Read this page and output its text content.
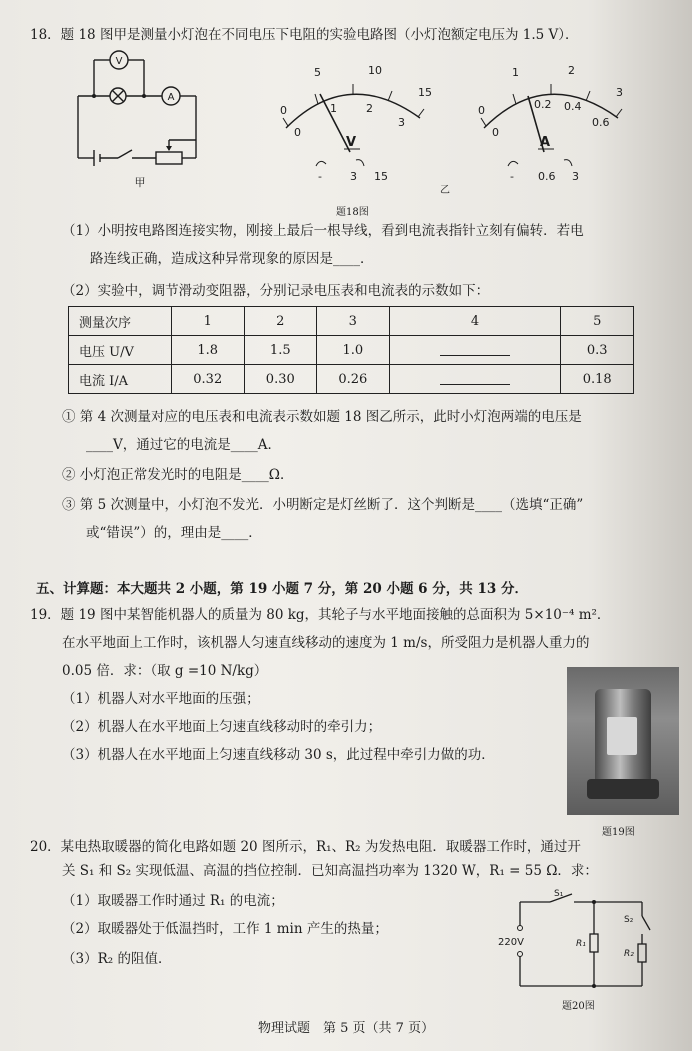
18．题 18 图甲是测量小灯泡在不同电压下电阻的实验电路图（小灯泡额定电压为 1.5 V）．
V
A
甲
0
5	10
15
0
1	2
3
V
-	3 15
0
1	2
3
0
0.2 0.4
0.6
A
- 0.6 3
乙
题18图
（1）小明按电路图连接实物，刚接上最后一根导线，看到电流表指针立刻有偏转．若电
路连线正确，造成这种异常现象的原因是____．
（2）实验中，调节滑动变阻器，分别记录电压表和电流表的示数如下：
测量次序	1	2	3	4	5
电压 U/V	1.8	1.5	1.0		0.3
电流 I/A	0.32	0.30	0.26		0.18
① 第 4 次测量对应的电压表和电流表示数如题 18 图乙所示，此时小灯泡两端的电压是
____V，通过它的电流是____A．
② 小灯泡正常发光时的电阻是____Ω．
③ 第 5 次测量中，小灯泡不发光．小明断定是灯丝断了．这个判断是____（选填“正确”
或“错误”）的，理由是____．
五、计算题：本大题共 2 小题，第 19 小题 7 分，第 20 小题 6 分，共 13 分．
19．题 19 图中某智能机器人的质量为 80 kg，其轮子与水平地面接触的总面积为 5×10⁻⁴ m²．
在水平地面上工作时，该机器人匀速直线移动的速度为 1 m/s，所受阻力是机器人重力的
0.05 倍．求：（取 g =10 N/kg）
（1）机器人对水平地面的压强；
（2）机器人在水平地面上匀速直线移动时的牵引力；
（3）机器人在水平地面上匀速直线移动 30 s，此过程中牵引力做的功．
题19图
20．某电热取暖器的简化电路如题 20 图所示，R₁、R₂ 为发热电阻．取暖器工作时，通过开
关 S₁ 和 S₂ 实现低温、高温的挡位控制．已知高温挡功率为 1320 W，R₁ = 55 Ω．求：
（1）取暖器工作时通过 R₁ 的电流；
（2）取暖器处于低温挡时，工作 1 min 产生的热量；
（3）R₂ 的阻值．
220V
S₁
S₂
R₁
R₂
题20图
物理试题　第 5 页（共 7 页）
